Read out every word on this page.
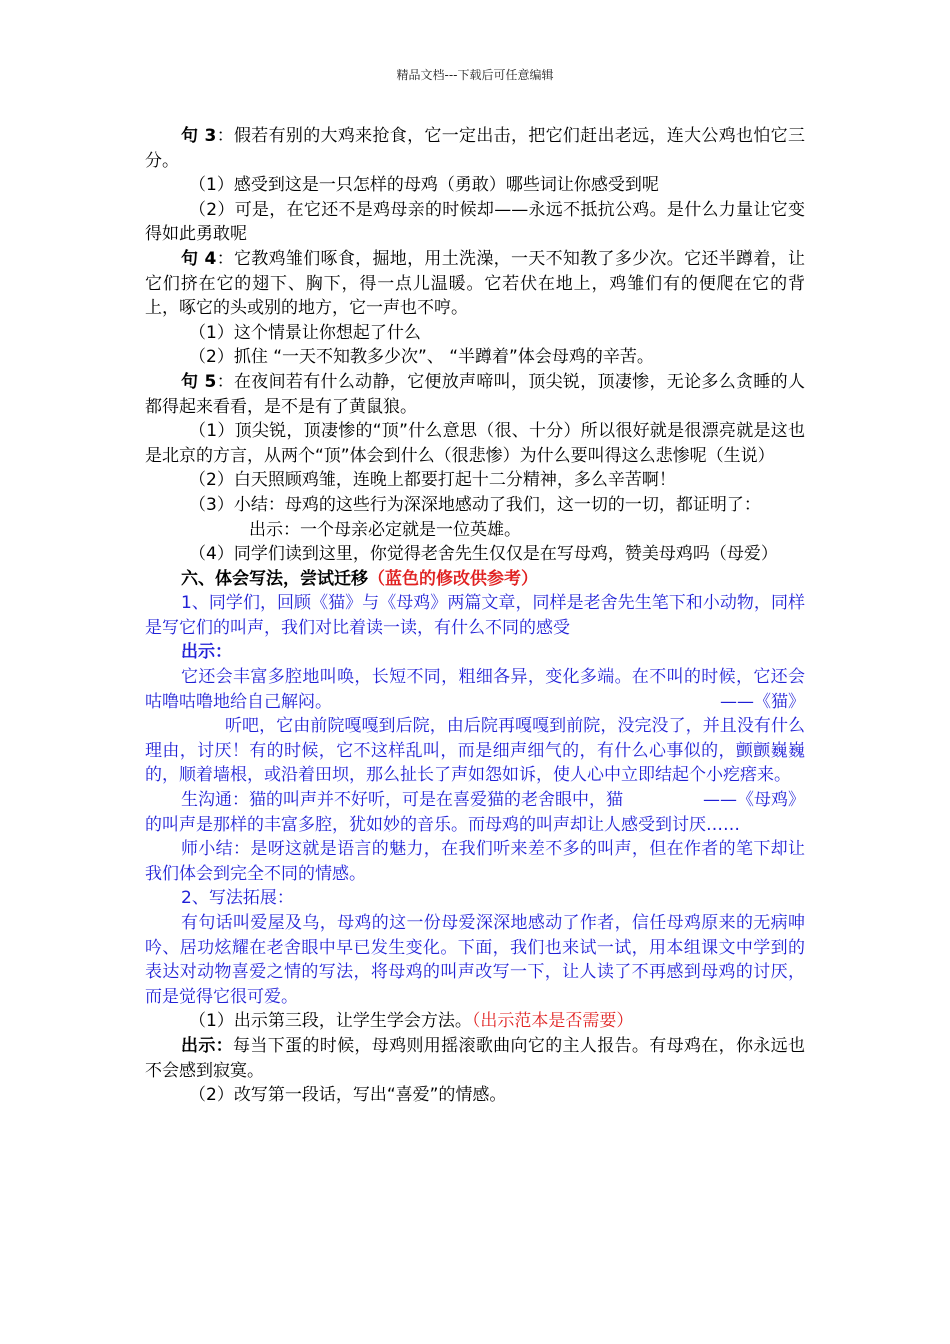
精品文档---下载后可任意编辑

句 3：假若有别的大鸡来抢食，它一定出击，把它们赶出老远，连大公鸡也怕它三分。

（1）感受到这是一只怎样的母鸡（勇敢）哪些词让你感受到呢

（2）可是，在它还不是鸡母亲的时候却——永远不抵抗公鸡。是什么力量让它变得如此勇敢呢

句 4：它教鸡雏们啄食，掘地，用土洗澡，一天不知教了多少次。它还半蹲着，让它们挤在它的翅下、胸下，得一点儿温暖。它若伏在地上，鸡雏们有的便爬在它的背上，啄它的头或别的地方，它一声也不哼。

（1）这个情景让你想起了什么

（2）抓住 “一天不知教多少次”、 “半蹲着”体会母鸡的辛苦。

句 5：在夜间若有什么动静，它便放声啼叫，顶尖锐，顶凄惨，无论多么贪睡的人都得起来看看，是不是有了黄鼠狼。

（1）顶尖锐，顶凄惨的“顶”什么意思（很、十分）所以很好就是很漂亮就是这也是北京的方言，从两个“顶”体会到什么（很悲惨）为什么要叫得这么悲惨呢（生说）

（2）白天照顾鸡雏，连晚上都要打起十二分精神，多么辛苦啊！

（3）小结：母鸡的这些行为深深地感动了我们，这一切的一切，都证明了：

出示：一个母亲必定就是一位英雄。

（4）同学们读到这里，你觉得老舍先生仅仅是在写母鸡，赞美母鸡吗（母爱）

六、体会写法，尝试迁移（蓝色的修改供参考）

1、同学们，回顾《猫》与《母鸡》两篇文章，同样是老舍先生笔下和小动物，同样是写它们的叫声，我们对比着读一读，有什么不同的感受

出示：

它还会丰富多腔地叫唤，长短不同，粗细各异，变化多端。在不叫的时候，它还会咕噜咕噜地给自己解闷。	——《猫》

听吧，它由前院嘎嘎到后院，由后院再嘎嘎到前院，没完没了，并且没有什么理由，讨厌！有的时候，它不这样乱叫，而是细声细气的，有什么心事似的，颤颤巍巍的，顺着墙根，或沿着田坝，那么扯长了声如怨如诉，使人心中立即结起个小疙瘩来。
——《母鸡》

生沟通：猫的叫声并不好听，可是在喜爱猫的老舍眼中，猫的叫声是那样的丰富多腔，犹如妙的音乐。而母鸡的叫声却让人感受到讨厌……

师小结：是呀这就是语言的魅力，在我们听来差不多的叫声，但在作者的笔下却让我们体会到完全不同的情感。

2、写法拓展：

有句话叫爱屋及乌，母鸡的这一份母爱深深地感动了作者，信任母鸡原来的无病呻吟、居功炫耀在老舍眼中早已发生变化。下面，我们也来试一试，用本组课文中学到的表达对动物喜爱之情的写法，将母鸡的叫声改写一下，让人读了不再感到母鸡的讨厌，而是觉得它很可爱。

（1）出示第三段，让学生学会方法。（出示范本是否需要）

出示：每当下蛋的时候，母鸡则用摇滚歌曲向它的主人报告。有母鸡在，你永远也不会感到寂寞。

（2）改写第一段话，写出“喜爱”的情感。
